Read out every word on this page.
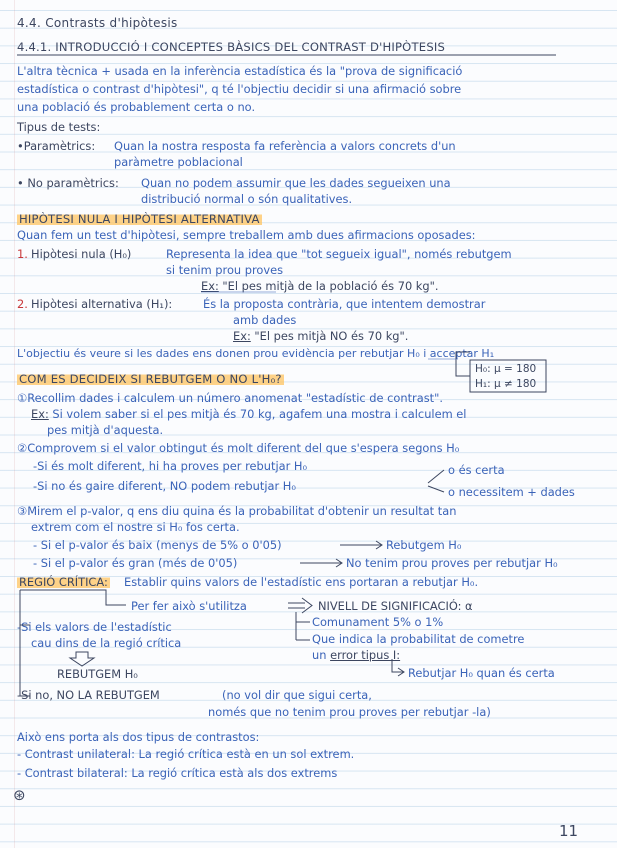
4.4. Contrasts d'hipòtesis
4.4.1. INTRODUCCIÓ I CONCEPTES BÀSICS DEL CONTRAST D'HIPÒTESIS
L'altra tècnica + usada en la inferència estadística és la "prova de significació
estadística o contrast d'hipòtesi", q té l'objectiu decidir si una afirmació sobre
una població és probablement certa o no.
Tipus de tests:
•Paramètrics: Quan la nostra resposta fa referència a valors concrets d'un
paràmetre poblacional
• No paramètrics: Quan no podem assumir que les dades segueixen una
distribució normal o són qualitatives.
HIPÒTESI NULA I HIPÒTESI ALTERNATIVA
Quan fem un test d'hipòtesi, sempre treballem amb dues afirmacions oposades:
1. Hipòtesi nula (H₀)	Representa la idea que "tot segueix igual", només rebutgem
si tenim prou proves
Ex: "El pes mitjà de la població és 70 kg".
2. Hipòtesi alternativa (H₁):	És la proposta contrària, que intentem demostrar
amb dades
Ex: "El pes mitjà NO és 70 kg".
L'objectiu és veure si les dades ens donen prou evidència per rebutjar H₀ i acceptar H₁
H₀: μ = 180
H₁: μ ≠ 180
COM ES DECIDEIX SI REBUTGEM O NO L'H₀?
①Recollim dades i calculem un número anomenat "estadístic de contrast".
Ex: Si volem saber si el pes mitjà és 70 kg, agafem una mostra i calculem el
pes mitjà d'aquesta.
②Comprovem si el valor obtingut és molt diferent del que s'espera segons H₀
-Si és molt diferent, hi ha proves per rebutjar H₀
-Si no és gaire diferent, NO podem rebutjar H₀
o és certa
o necessitem + dades
③Mirem el p-valor, q ens diu quina és la probabilitat d'obtenir un resultat tan
extrem com el nostre si H₀ fos certa.
- Si el p-valor és baix (menys de 5% o 0'05)	Rebutgem H₀
- Si el p-valor és gran (més de 0'05)	No tenim prou proves per rebutjar H₀
REGIÓ CRÍTICA: Establir quins valors de l'estadístic ens portaran a rebutjar H₀.
Per fer això s'utilitza	NIVELL DE SIGNIFICACIÓ: α
Comunament 5% o 1%
Que indica la probabilitat de cometre
un error tipus I:
Rebutjar H₀ quan és certa
-Si els valors de l'estadístic
cau dins de la regió crítica
REBUTGEM H₀
-Si no, NO LA REBUTGEM	(no vol dir que sigui certa,
només que no tenim prou proves per rebutjar -la)
Això ens porta als dos tipus de contrastos:
- Contrast unilateral: La regió crítica està en un sol extrem.
- Contrast bilateral: La regió crítica està als dos extrems
⊛
11
